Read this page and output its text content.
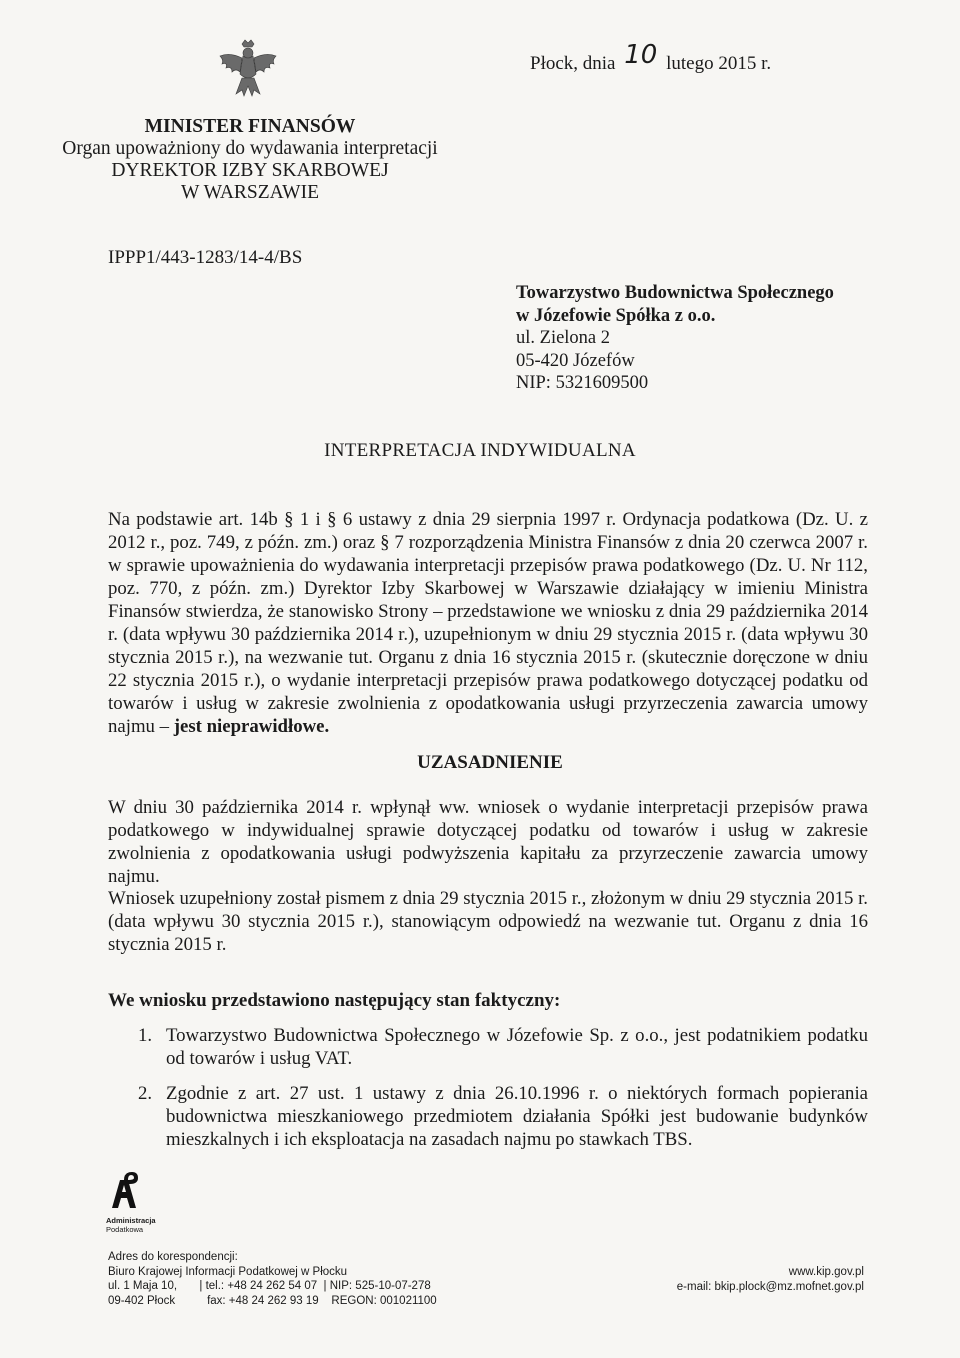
Płock, dnia 10 lutego 2015 r.
MINISTER FINANSÓW
Organ upoważniony do wydawania interpretacji
DYREKTOR IZBY SKARBOWEJ
W WARSZAWIE
IPPP1/443-1283/14-4/BS
Towarzystwo Budownictwa Społecznego
w Józefowie Spółka z o.o.
ul. Zielona 2
05-420 Józefów
NIP: 5321609500
INTERPRETACJA INDYWIDUALNA
Na podstawie art. 14b § 1 i § 6 ustawy z dnia 29 sierpnia 1997 r. Ordynacja podatkowa (Dz. U. z 2012 r., poz. 749, z późn. zm.) oraz § 7 rozporządzenia Ministra Finansów z dnia 20 czerwca 2007 r. w sprawie upoważnienia do wydawania interpretacji przepisów prawa podatkowego (Dz. U. Nr 112, poz. 770, z późn. zm.) Dyrektor Izby Skarbowej w Warszawie działający w imieniu Ministra Finansów stwierdza, że stanowisko Strony – przedstawione we wniosku z dnia 29 października 2014 r. (data wpływu 30 października 2014 r.), uzupełnionym w dniu 29 stycznia 2015 r. (data wpływu 30 stycznia 2015 r.), na wezwanie tut. Organu z dnia 16 stycznia 2015 r. (skutecznie doręczone w dniu 22 stycznia 2015 r.), o wydanie interpretacji przepisów prawa podatkowego dotyczącej podatku od towarów i usług w zakresie zwolnienia z opodatkowania usługi przyrzeczenia zawarcia umowy najmu – jest nieprawidłowe.
UZASADNIENIE
W dniu 30 października 2014 r. wpłynął ww. wniosek o wydanie interpretacji przepisów prawa podatkowego w indywidualnej sprawie dotyczącej podatku od towarów i usług w zakresie zwolnienia z opodatkowania usługi podwyższenia kapitału za przyrzeczenie zawarcia umowy najmu.
Wniosek uzupełniony został pismem z dnia 29 stycznia 2015 r., złożonym w dniu 29 stycznia 2015 r. (data wpływu 30 stycznia 2015 r.), stanowiącym odpowiedź na wezwanie tut. Organu z dnia 16 stycznia 2015 r.
We wniosku przedstawiono następujący stan faktyczny:
1. Towarzystwo Budownictwa Społecznego w Józefowie Sp. z o.o., jest podatnikiem podatku od towarów i usług VAT.
2. Zgodnie z art. 27 ust. 1 ustawy z dnia 26.10.1996 r. o niektórych formach popierania budownictwa mieszkaniowego przedmiotem działania Spółki jest budowanie budynków mieszkalnych i ich eksploatacja na zasadach najmu po stawkach TBS.
Administracja
Podatkowa
Adres do korespondencji:
Biuro Krajowej Informacji Podatkowej w Płocku
ul. 1 Maja 10,       | tel.: +48 24 262 54 07  | NIP: 525-10-07-278
09-402 Płock          fax: +48 24 262 93 19    REGON: 001021100
www.kip.gov.pl
e-mail: bkip.plock@mz.mofnet.gov.pl
